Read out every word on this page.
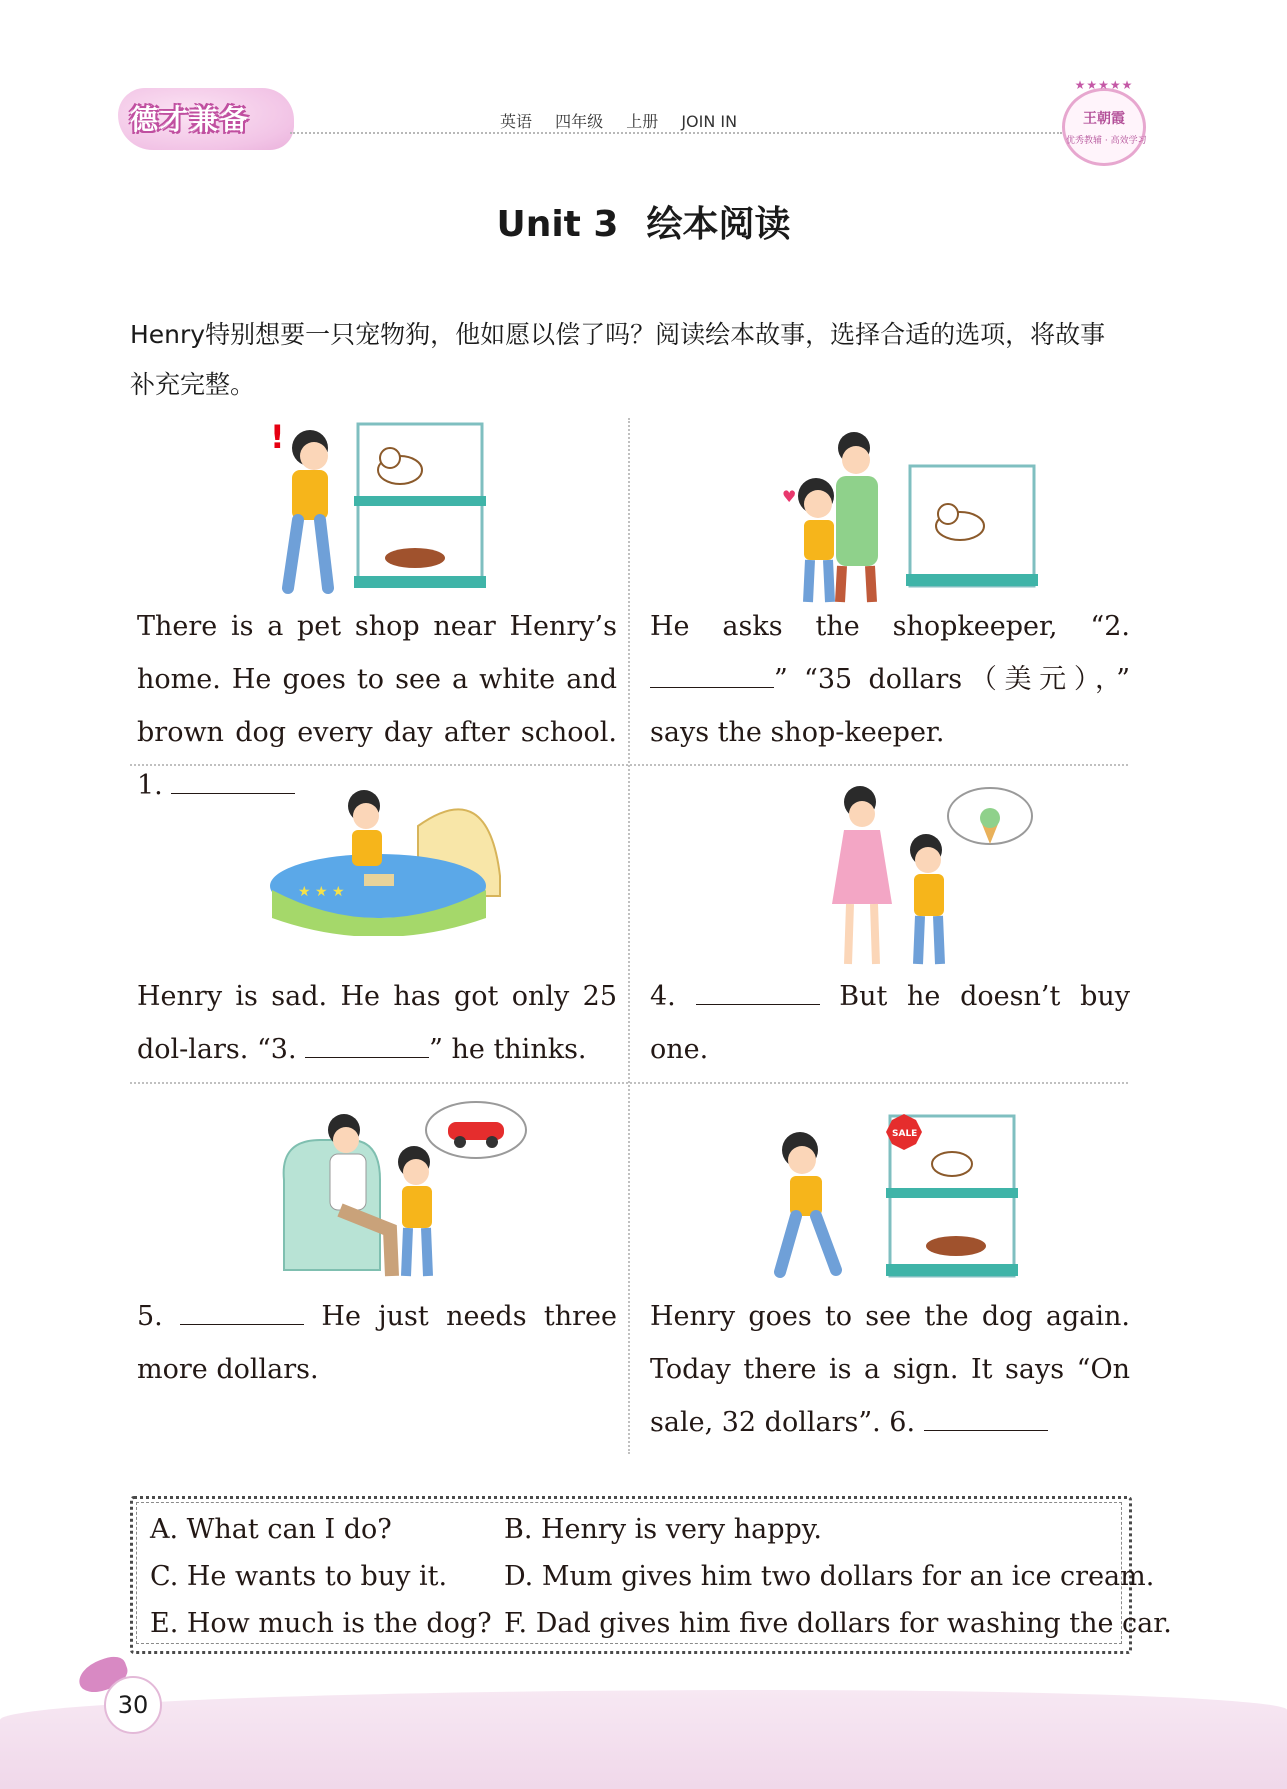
德才兼备	英语 四年级 上册 JOIN IN
★★★★★
王朝霞
优秀教辅 · 高效学习
Unit 3 绘本阅读
Henry特别想要一只宠物狗，他如愿以偿了吗？阅读绘本故事，选择合适的选项，将故事补充完整。
!
There is a pet shop near Henry’s home. He goes to see a white and brown dog every day after school. 1.
♥
He asks the shopkeeper, “2. ” “35 dollars（美元），” says the shop-keeper.
★ ★ ★
Henry is sad. He has got only 25 dol-lars. “3.	” he thinks.
4.	But he doesn’t buy one.
5.	He just needs three more dollars.
SALE
Henry goes to see the dog again. Today there is a sign. It says “On sale, 32 dollars”. 6.
A. What can I do?	B. Henry is very happy.
C. He wants to buy it. D. Mum gives him two dollars for an ice cream.
E. How much is the dog? F. Dad gives him five dollars for washing the car.
30
